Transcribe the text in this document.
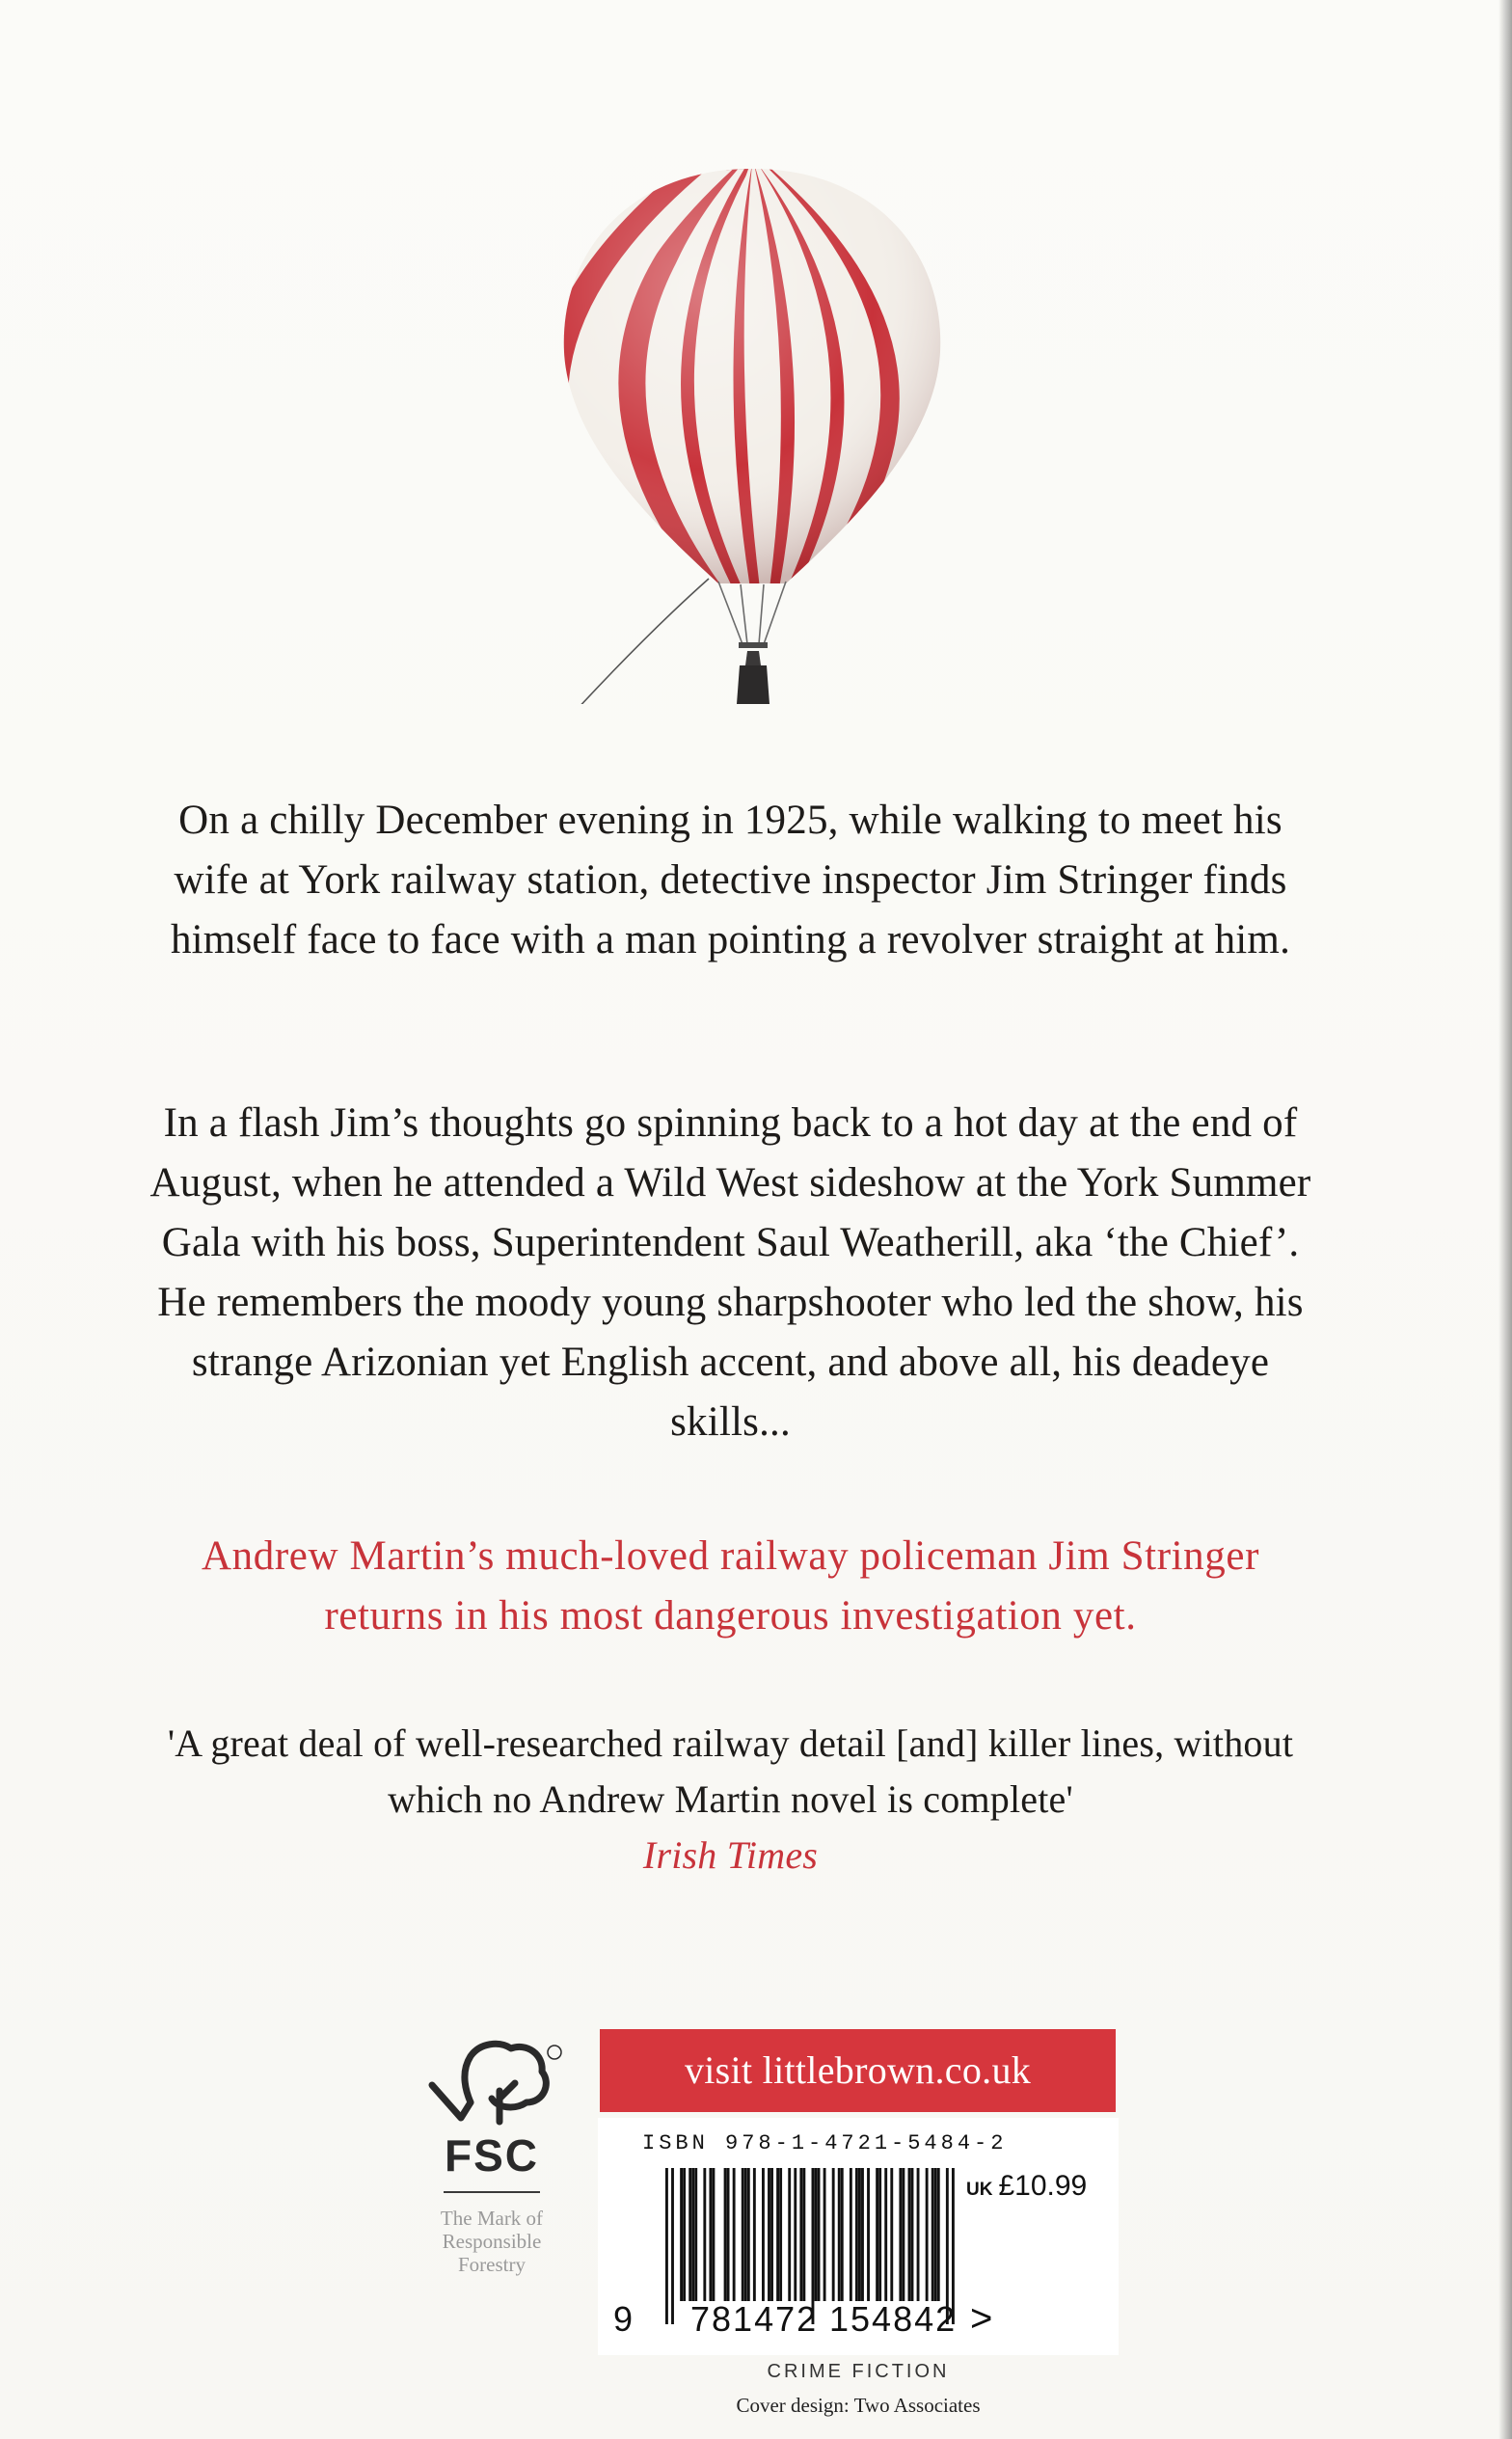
On a chilly December evening in 1925, while walking to meet his wife at York railway station, detective inspector Jim Stringer finds himself face to face with a man pointing a revolver straight at him.

In a flash Jim’s thoughts go spinning back to a hot day at the end of August, when he attended a Wild West sideshow at the York Summer Gala with his boss, Superintendent Saul Weatherill, aka ‘the Chief’. He remembers the moody young sharpshooter who led the show, his strange Arizonian yet English accent, and above all, his deadeye skills...

Andrew Martin’s much-loved railway policeman Jim Stringer returns in his most dangerous investigation yet.

'A great deal of well-researched railway detail [and] killer lines, without which no Andrew Martin novel is complete'

Irish Times

FSC
The Mark of
Responsible
Forestry
visit littlebrown.co.uk

ISBN 978-1-4721-5484-2

UK £10.99
9 781472 154842 >

CRIME FICTION

Cover design: Two Associates
